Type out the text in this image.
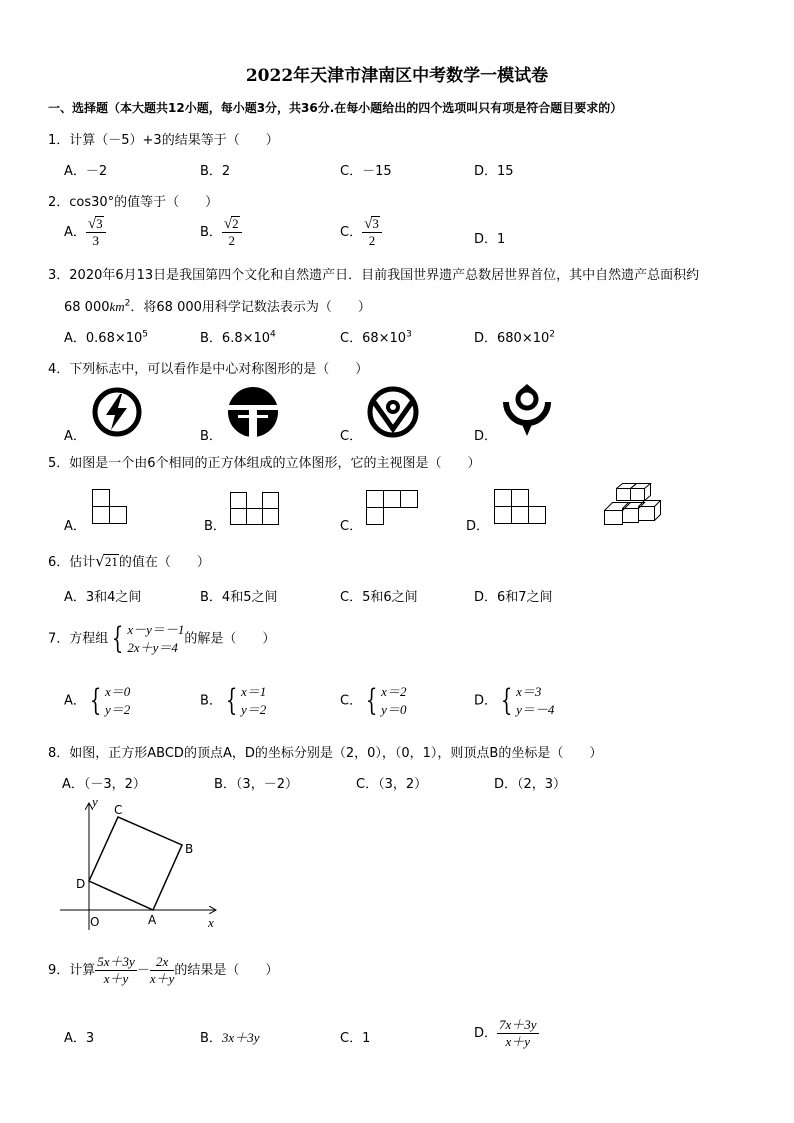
2022年天津市津南区中考数学一模试卷
一、选择题（本大题共12小题，每小题3分，共36分.在每小题给出的四个选项叫只有项是符合题目要求的）
1．计算（－5）+3的结果等于（　　）
A．－2	B．2	C．－15	D．15
2．cos30°的值等于（　　）
A． $\frac{√3}{3}$	B． $\frac{√2}{2}$	C． $\frac{√3}{2}$	D．1
3．2020年6月13日是我国第四个文化和自然遗产日．目前我国世界遗产总数居世界首位，其中自然遗产总面积约
68 $000km^2$．将68 000用科学记数法表示为（　　）
A．$0.68\times 10^5$	B．$6.8\times 10^4$	C．$68\times 10^3$	D．$680\times 10^2$
4．下列标志中，可以看作是中心对称图形的是（　　）
A．	B．	C．	D．
5．如图是一个由6个相同的正方体组成的立体图形，它的主视图是（　　）
A．	B．	C．	D．
6．估计√21的值在（　　）
A．3和4之间	B．4和5之间	C．5和6之间	D．6和7之间
7．方程组 { x－y＝－1
2x＋y＝4
的解是（　　）
A． { x＝0
y＝2
B． { x＝1
y＝2
C． { x＝2
y＝0
D． { x＝3
y＝－4
8．如图，正方形ABCD的顶点A，D的坐标分别是（2，0），（0，1），则顶点B的坐标是（　　）
A．（－3，2）	B．（3，－2）	C．（3，2）	D．（2，3）
y
x
O	A
B
C
D
9．计算 $\frac{5x+3y}{x+y} - \frac{2x}{x+y}$ 的结果是（　　）
A．3	B．3x＋3y	C．1	D． $\frac{7x+3y}{x+y}$
